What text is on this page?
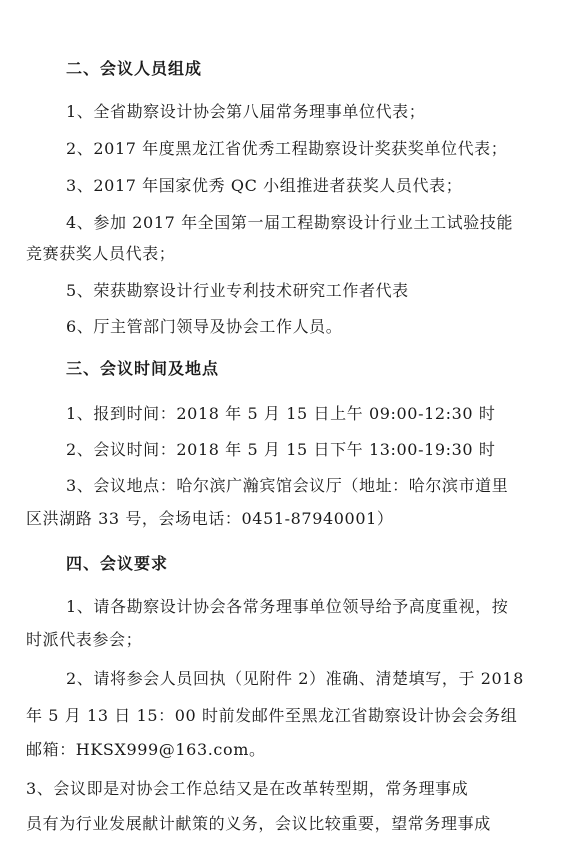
二、会议人员组成
1、全省勘察设计协会第八届常务理事单位代表；
2、2017 年度黑龙江省优秀工程勘察设计奖获奖单位代表；
3、2017 年国家优秀 QC 小组推进者获奖人员代表；
4、参加 2017 年全国第一届工程勘察设计行业土工试验技能
竞赛获奖人员代表；
5、荣获勘察设计行业专利技术研究工作者代表
6、厅主管部门领导及协会工作人员。
三、会议时间及地点
1、报到时间：2018 年 5 月 15 日上午 09:00-12:30 时
2、会议时间：2018 年 5 月 15 日下午 13:00-19:30 时
3、会议地点：哈尔滨广瀚宾馆会议厅（地址：哈尔滨市道里
区洪湖路 33 号，会场电话：0451-87940001）
四、会议要求
1、请各勘察设计协会各常务理事单位领导给予高度重视，按
时派代表参会；
2、请将参会人员回执（见附件 2）准确、清楚填写，于 2018
年 5 月 13 日 15：00 时前发邮件至黑龙江省勘察设计协会会务组
邮箱：HKSX999@163.com。
3、会议即是对协会工作总结又是在改革转型期，常务理事成
员有为行业发展献计献策的义务，会议比较重要，望常务理事成
